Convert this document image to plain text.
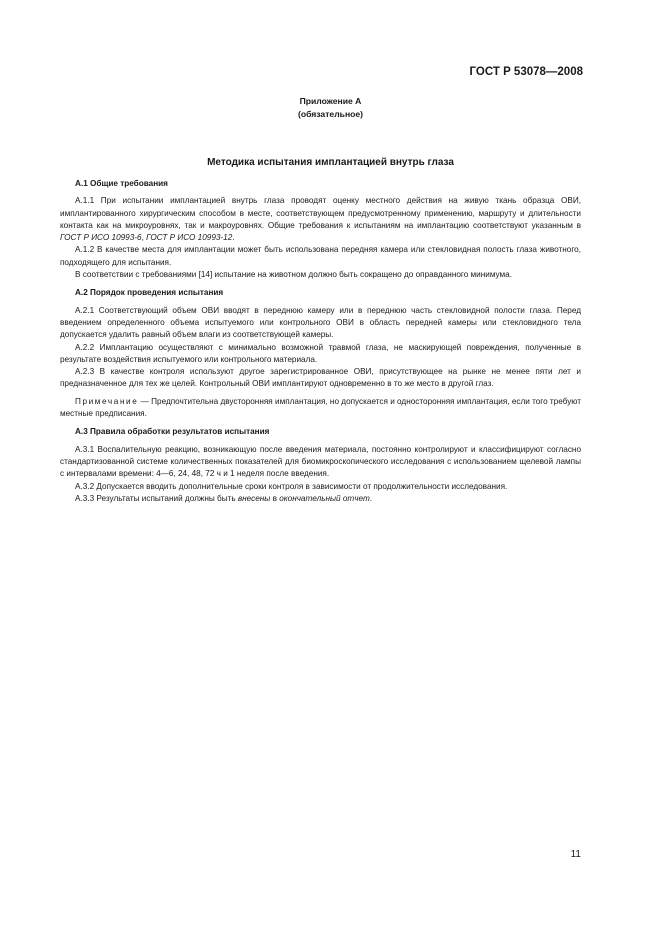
ГОСТ Р 53078—2008
Приложение А
(обязательное)
Методика испытания имплантацией внутрь глаза
А.1 Общие требования

А.1.1 При испытании имплантацией внутрь глаза проводят оценку местного действия на живую ткань образца ОВИ, имплантированного хирургическим способом в месте, соответствующем предусмотренному применению, маршруту и длительности контакта как на микроуровнях, так и макроуровнях. Общие требования к испытаниям на имплантацию соответствуют указанным в ГОСТ Р ИСО 10993-6, ГОСТ Р ИСО 10993-12.

А.1.2 В качестве места для имплантации может быть использована передняя камера или стекловидная полость глаза животного, подходящего для испытания.

В соответствии с требованиями [14] испытание на животном должно быть сокращено до оправданного минимума.

А.2 Порядок проведения испытания

А.2.1 Соответствующий объем ОВИ вводят в переднюю камеру или в переднюю часть стекловидной полости глаза. Перед введением определенного объема испытуемого или контрольного ОВИ в область передней камеры или стекловидного тела допускается удалить равный объем влаги из соответствующей камеры.

А.2.2 Имплантацию осуществляют с минимально возможной травмой глаза, не маскирующей повреждения, полученные в результате воздействия испытуемого или контрольного материала.

А.2.3 В качестве контроля используют другое зарегистрированное ОВИ, присутствующее на рынке не менее пяти лет и предназначенное для тех же целей. Контрольный ОВИ имплантируют одновременно в то же место в другой глаз.

Примечание — Предпочтительна двусторонняя имплантация, но допускается и односторонняя имплантация, если того требуют местные предписания.

А.3 Правила обработки результатов испытания

А.3.1 Воспалительную реакцию, возникающую после введения материала, постоянно контролируют и классифицируют согласно стандартизованной системе количественных показателей для биомикроскопического исследования с использованием щелевой лампы с интервалами времени: 4—6, 24, 48, 72 ч и 1 неделя после введения.

А.3.2 Допускается вводить дополнительные сроки контроля в зависимости от продолжительности исследования.

А.3.3 Результаты испытаний должны быть внесены в окончательный отчет.

11
